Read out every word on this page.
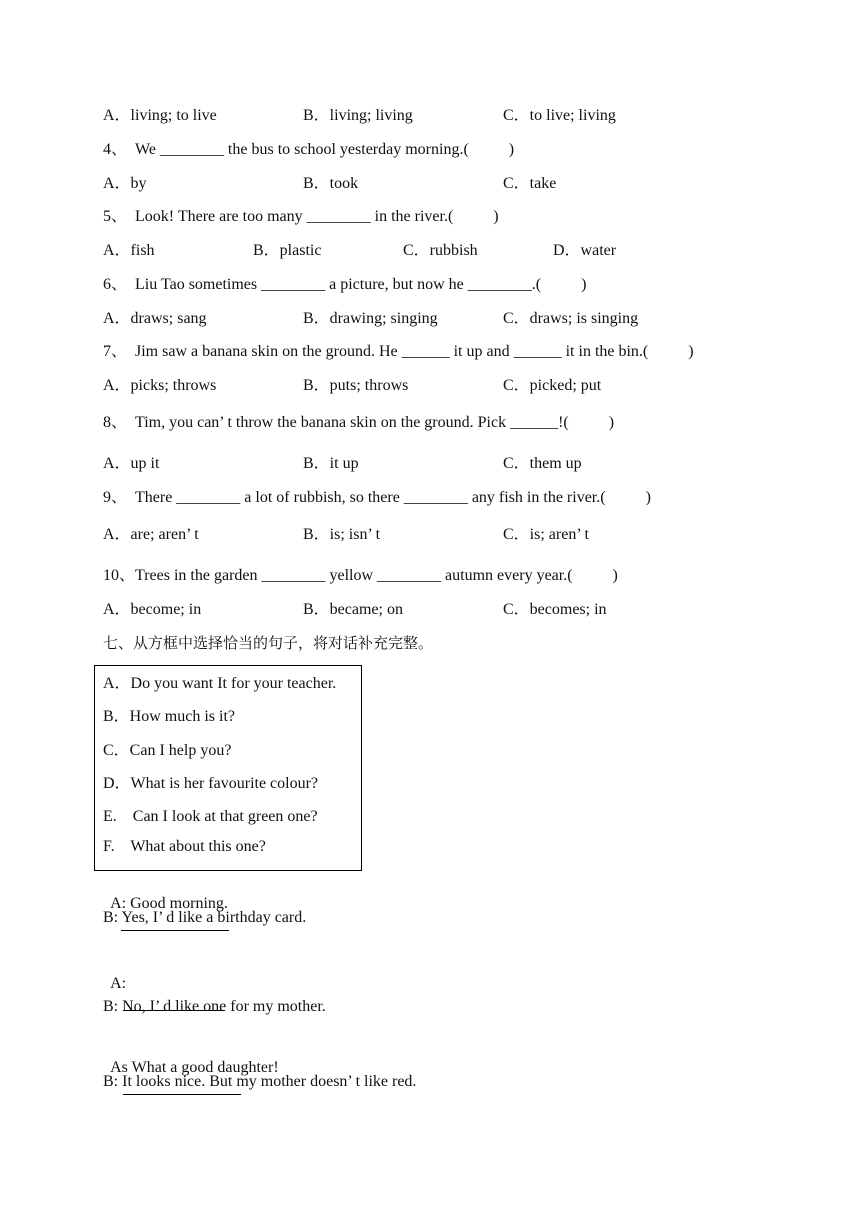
A．living; to live	B．living; living	C．to live; living
4、  We ________ the bus to school yesterday morning.(          )
A．by	B．took	C．take
5、  Look! There are too many ________ in the river.(          )
A．fish	B．plastic	C．rubbish	D．water
6、  Liu Tao sometimes ________ a picture, but now he ________.(          )
A．draws; sang	B．drawing; singing	C．draws; is singing
7、  Jim saw a banana skin on the ground. He ______ it up and ______ it in the bin.(          )
A．picks; throws	B．puts; throws	C．picked; put
8、  Tim, you can’ t throw the banana skin on the ground. Pick ______!(          )
A．up it	B．it up	C．them up
9、  There ________ a lot of rubbish, so there ________ any fish in the river.(          )
A．are; aren’ t	B．is; isn’ t	C．is; aren’ t
10、Trees in the garden ________ yellow ________ autumn every year.(          )
A．become; in	B．became; on	C．becomes; in
七、从方框中选择恰当的句子，将对话补充完整。
A．Do you want It for your teacher.
B．How much is it?
C．Can I help you?
D．What is her favourite colour?
E.    Can I look at that green one?
F.    What about this one?

A: Good morning.

B: Yes, I’ d like a birthday card.

A:

B: No, I’ d like one for my mother.

As What a good daughter!

B: It looks nice. But my mother doesn’ t like red.
